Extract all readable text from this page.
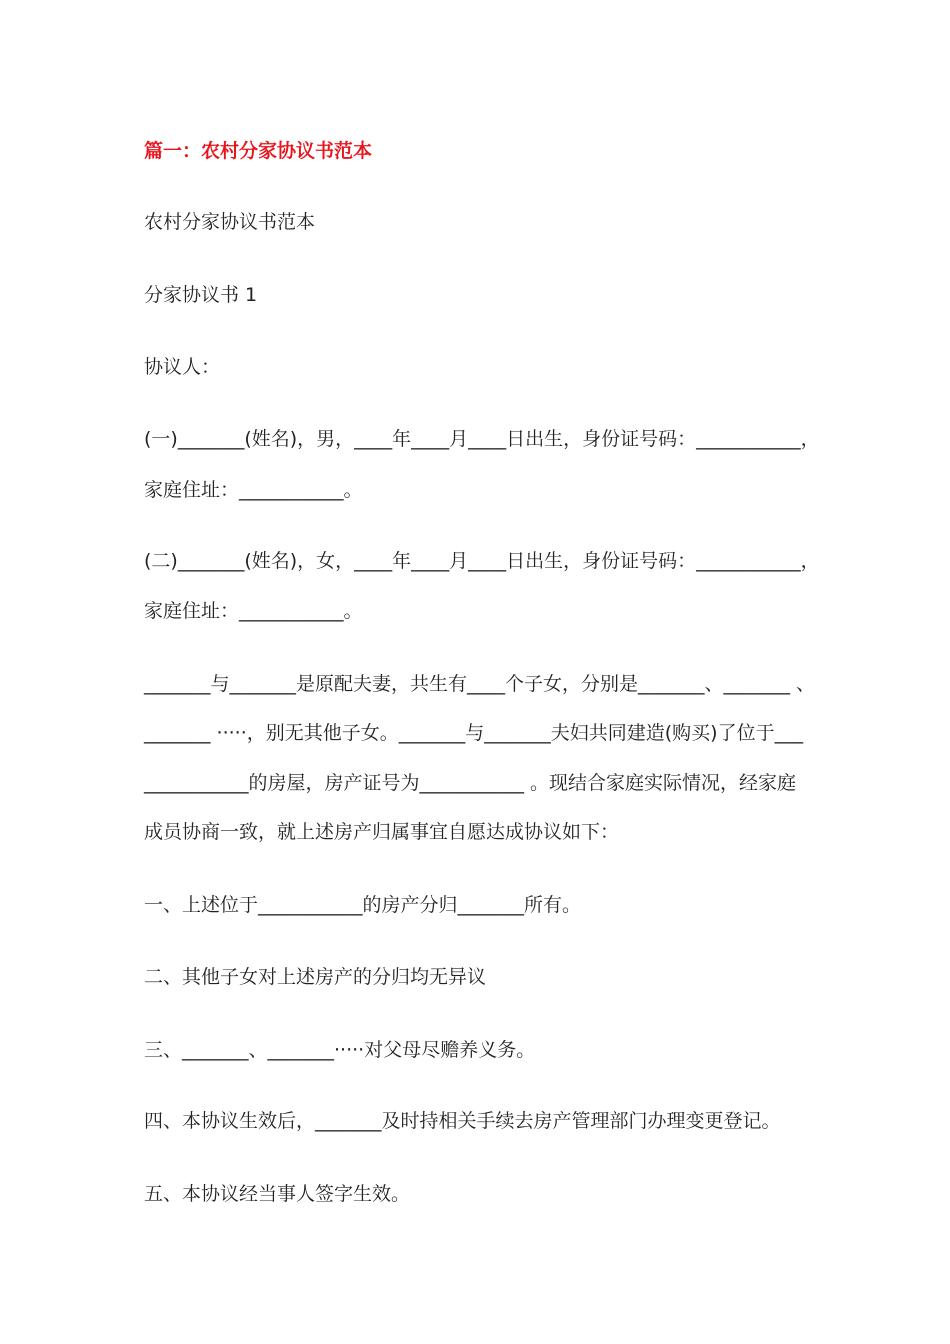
篇一：农村分家协议书范本
农村分家协议书范本
分家协议书 1
协议人：
(一)_______(姓名)，男，____年____月____日出生，身份证号码：___________，
家庭住址：___________。
(二)_______(姓名)，女，____年____月____日出生，身份证号码：___________，
家庭住址：___________。
_______与_______是原配夫妻，共生有____个子女，分别是_______、_______ 、
_______ ·····，别无其他子女。_______与_______夫妇共同建造(购买)了位于___
___________的房屋，房产证号为___________ 。现结合家庭实际情况，经家庭
成员协商一致，就上述房产归属事宜自愿达成协议如下：
一、上述位于___________的房产分归_______所有。
二、其他子女对上述房产的分归均无异议
三、_______、_______·····对父母尽赡养义务。
四、本协议生效后，_______及时持相关手续去房产管理部门办理变更登记。
五、本协议经当事人签字生效。
